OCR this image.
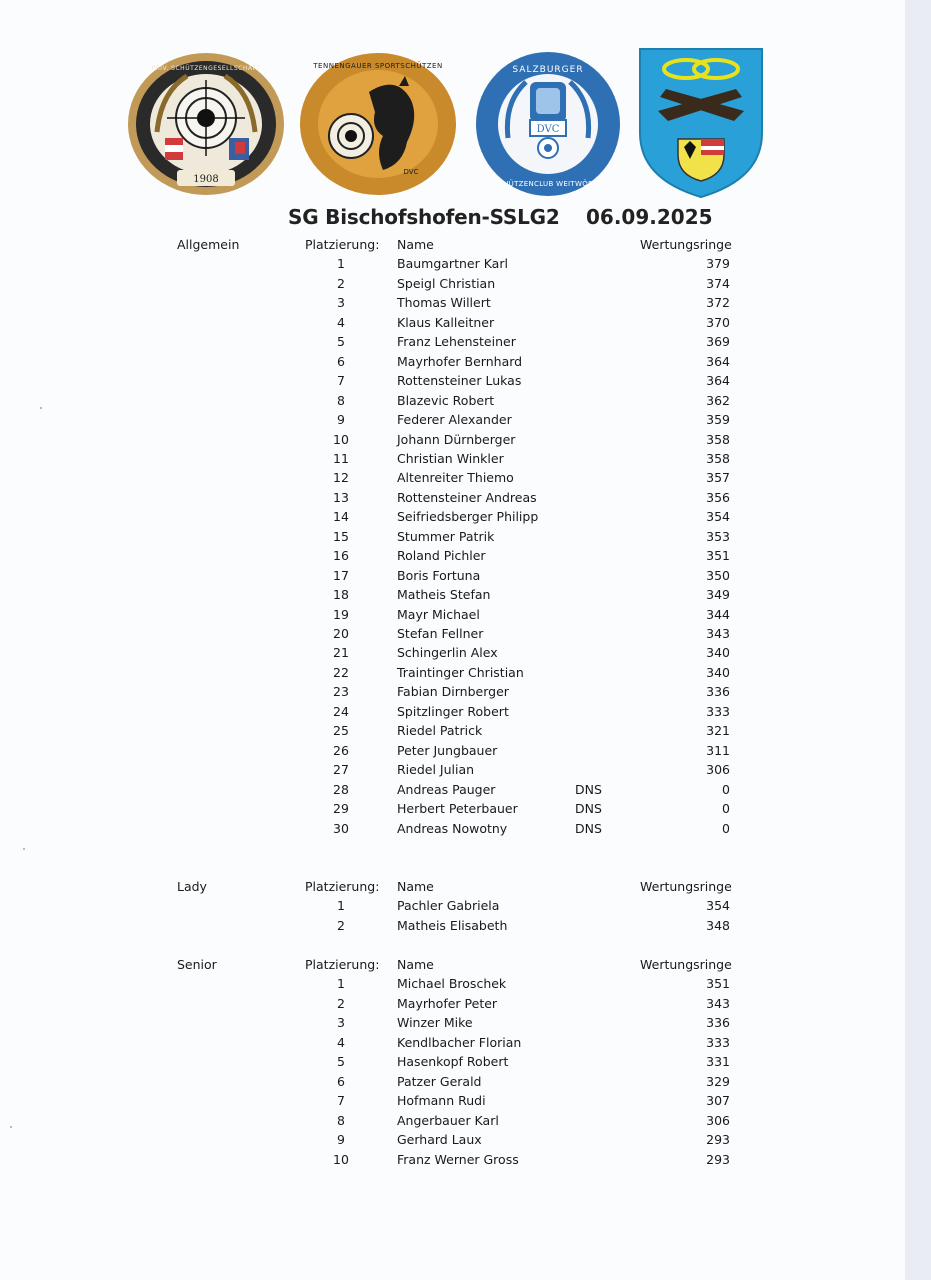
1908
PRIV. SCHÜTZENGESELLSCHAFT	TENNENGAUER SPORTSCHÜTZEN
DVC
DVC
SALZBURGER
SCHÜTZENCLUB WEITWÖRTH
SG Bischofshofen-SSLG2 06.09.2025
Allgemein	Platzierung: Name	Wertungsringe
1	Baumgartner Karl	379
2	Speigl Christian	374
3	Thomas Willert	372
4	Klaus Kalleitner	370
5	Franz Lehensteiner	369
6	Mayrhofer Bernhard	364
7	Rottensteiner Lukas	364
8	Blazevic Robert	362
9	Federer Alexander	359
10	Johann Dürnberger	358
11	Christian Winkler	358
12	Altenreiter Thiemo	357
13	Rottensteiner Andreas	356
14	Seifriedsberger Philipp	354
15	Stummer Patrik	353
16	Roland Pichler	351
17	Boris Fortuna	350
18	Matheis Stefan	349
19	Mayr Michael	344
20	Stefan Fellner	343
21	Schingerlin Alex	340
22	Traintinger Christian	340
23	Fabian Dirnberger	336
24	Spitzlinger Robert	333
25	Riedel Patrick	321
26	Peter Jungbauer	311
27	Riedel Julian	306
28	Andreas Pauger	DNS	0
29	Herbert Peterbauer	DNS	0
30	Andreas Nowotny	DNS	0
Lady	Platzierung: Name	Wertungsringe
1	Pachler Gabriela	354
2	Matheis Elisabeth	348
Senior	Platzierung: Name	Wertungsringe
1	Michael Broschek	351
2	Mayrhofer Peter	343
3	Winzer Mike	336
4	Kendlbacher Florian	333
5	Hasenkopf Robert	331
6	Patzer Gerald	329
7	Hofmann Rudi	307
8	Angerbauer Karl	306
9	Gerhard Laux	293
10	Franz Werner Gross	293
